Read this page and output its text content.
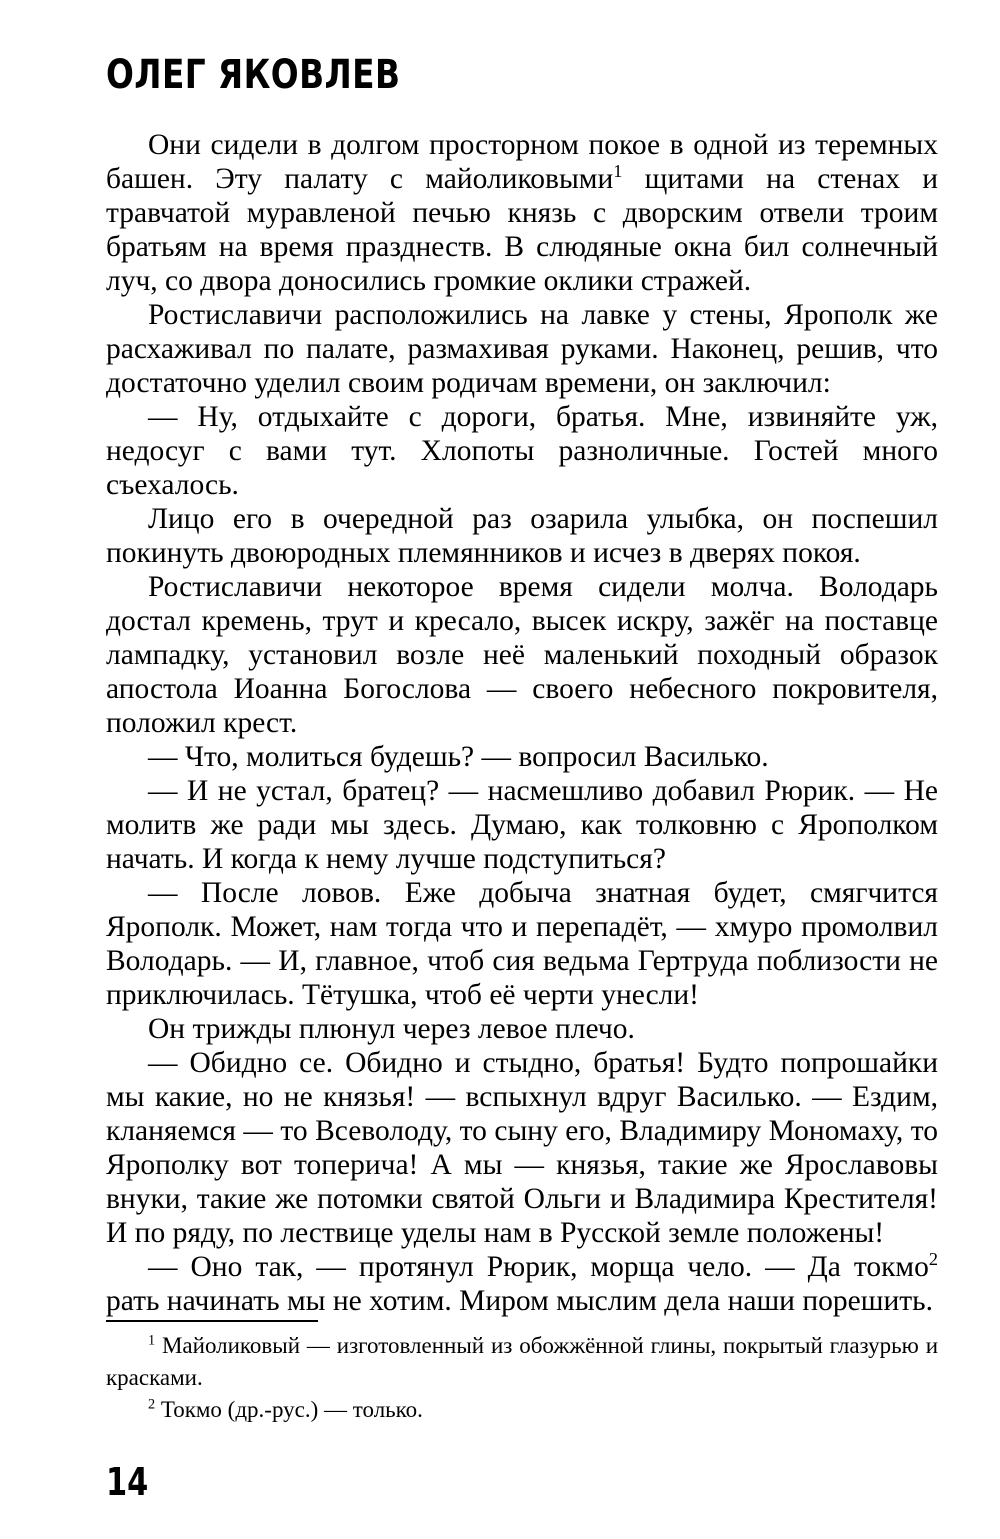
ОЛЕГ ЯКОВЛЕВ

Они сидели в долгом просторном покое в одной из теремных башен. Эту палату с майоликовыми$^1$ щитами на стенах и травчатой муравленой печью князь с дворским отвели троим братьям на время празднеств. В слюдяные окна бил солнечный луч, со двора доносились громкие оклики стражей.

Ростиславичи расположились на лавке у стены, Ярополк же расхаживал по палате, размахивая руками. Наконец, решив, что достаточно уделил своим родичам времени, он заключил:

— Ну, отдыхайте с дороги, братья. Мне, извиняйте уж, недосуг с вами тут. Хлопоты разноличные. Гостей много съехалось.

Лицо его в очередной раз озарила улыбка, он поспешил покинуть двоюродных племянников и исчез в дверях покоя.

Ростиславичи некоторое время сидели молча. Володарь достал кремень, трут и кресало, высек искру, зажёг на поставце лампадку, установил возле неё маленький походный образок апостола Иоанна Богослова — своего небесного покровителя, положил крест.

— Что, молиться будешь? — вопросил Василько.

— И не устал, братец? — насмешливо добавил Рюрик. — Не молитв же ради мы здесь. Думаю, как толковню с Ярополком начать. И когда к нему лучше подступиться?

— После ловов. Еже добыча знатная будет, смягчится Ярополк. Может, нам тогда что и перепадёт, — хмуро промолвил Володарь. — И, главное, чтоб сия ведьма Гертруда поблизости не приключилась. Тётушка, чтоб её черти унесли!

Он трижды плюнул через левое плечо.

— Обидно се. Обидно и стыдно, братья! Будто попрошайки мы какие, но не князья! — вспыхнул вдруг Василько. — Ездим, кланяемся — то Всеволоду, то сыну его, Владимиру Мономаху, то Ярополку вот топерича! А мы — князья, такие же Ярославовы внуки, такие же потомки святой Ольги и Владимира Крестителя! И по ряду, по лествице уделы нам в Русской земле положены!

— Оно так, — протянул Рюрик, морща чело. — Да токмо$^2$ рать начинать мы не хотим. Миром мыслим дела наши порешить.

$^1$ Майоликовый — изготовленный из обожжённой глины, покрытый глазурью и красками.

$^2$ Токмо (др.-рус.) — только.

14
